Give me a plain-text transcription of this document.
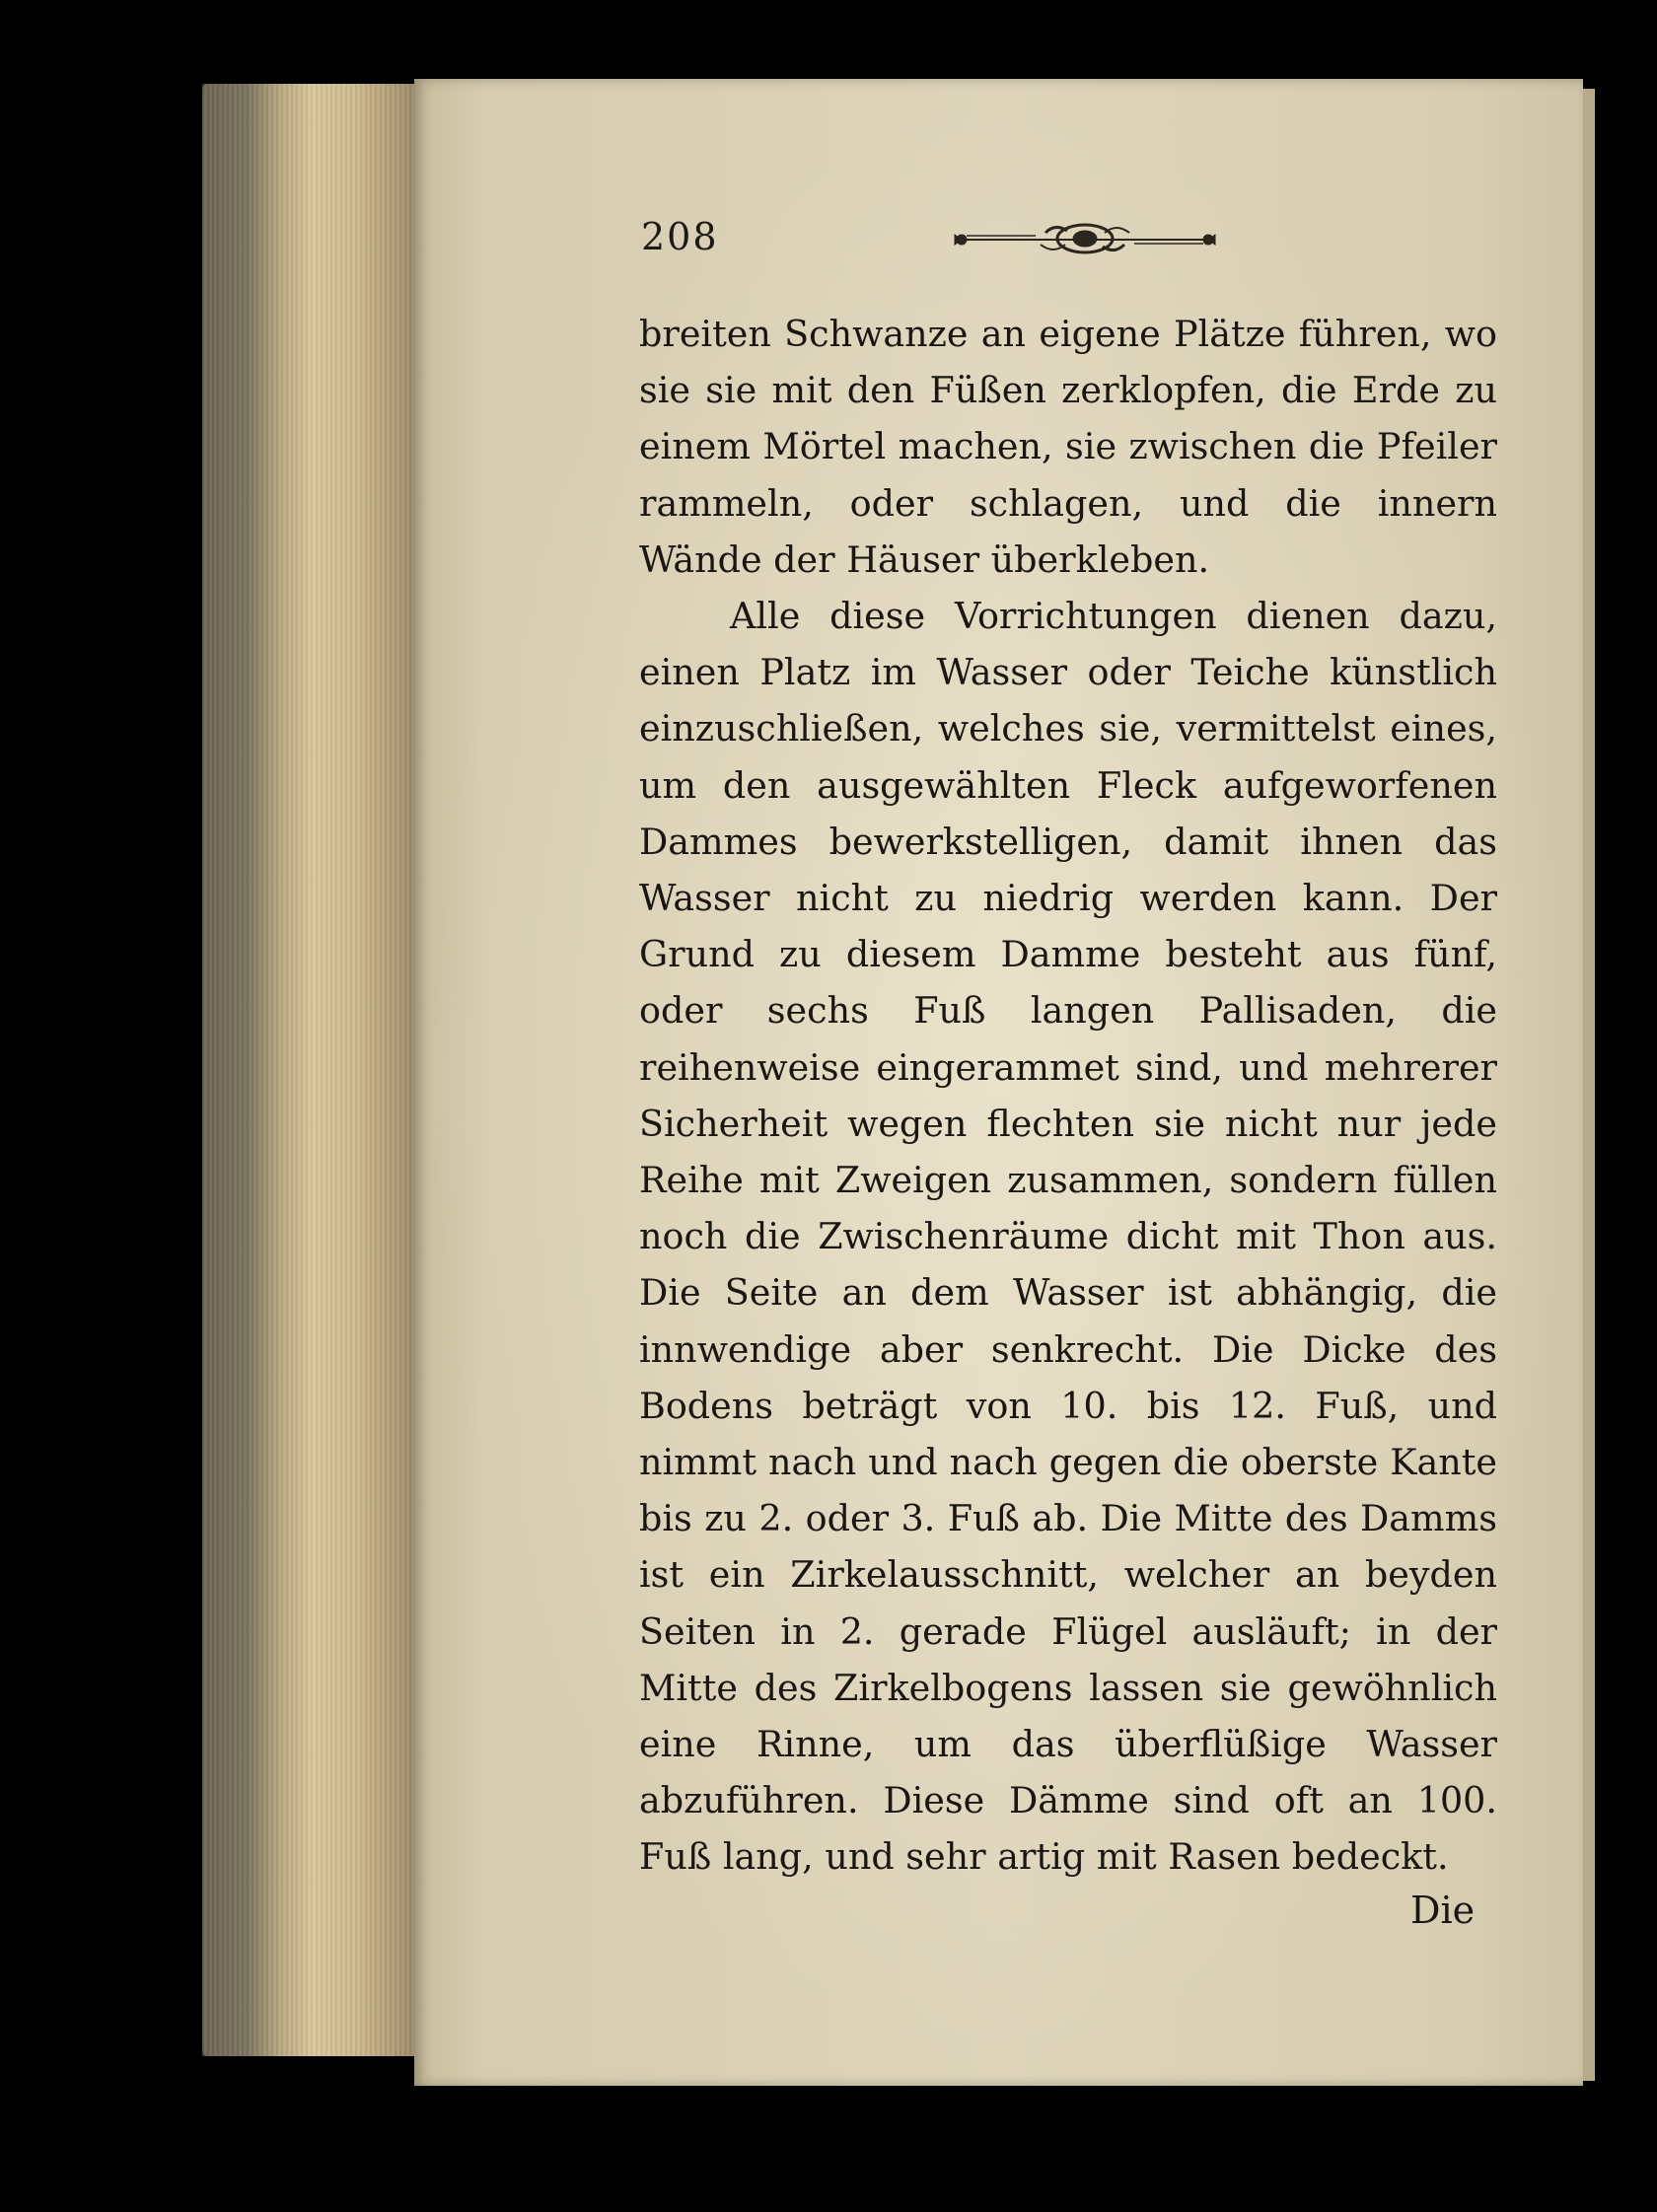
208

breiten Schwanze an eigene Plätze führen, wo sie sie mit den Füßen zerklopfen, die Erde zu einem Mörtel machen, sie zwischen die Pfeiler rammeln, oder schlagen, und die innern Wände der Häuser überkleben.

Alle diese Vorrichtungen dienen dazu, einen Platz im Wasser oder Teiche künstlich einzuschließen, welches sie, vermittelst eines, um den ausgewählten Fleck aufgeworfenen Dammes bewerkstelligen, damit ihnen das Wasser nicht zu niedrig werden kann. Der Grund zu diesem Damme besteht aus fünf, oder sechs Fuß langen Pallisaden, die reihenweise eingerammet sind, und mehrerer Sicherheit wegen flechten sie nicht nur jede Reihe mit Zweigen zusammen, sondern füllen noch die Zwischenräume dicht mit Thon aus. Die Seite an dem Wasser ist abhängig, die innwendige aber senkrecht. Die Dicke des Bodens beträgt von 10. bis 12. Fuß, und nimmt nach und nach gegen die oberste Kante bis zu 2. oder 3. Fuß ab. Die Mitte des Damms ist ein Zirkelausschnitt, welcher an beyden Seiten in 2. gerade Flügel ausläuft; in der Mitte des Zirkelbogens lassen sie gewöhnlich eine Rinne, um das überflüßige Wasser abzuführen. Diese Dämme sind oft an 100. Fuß lang, und sehr artig mit Rasen bedeckt.

Die
